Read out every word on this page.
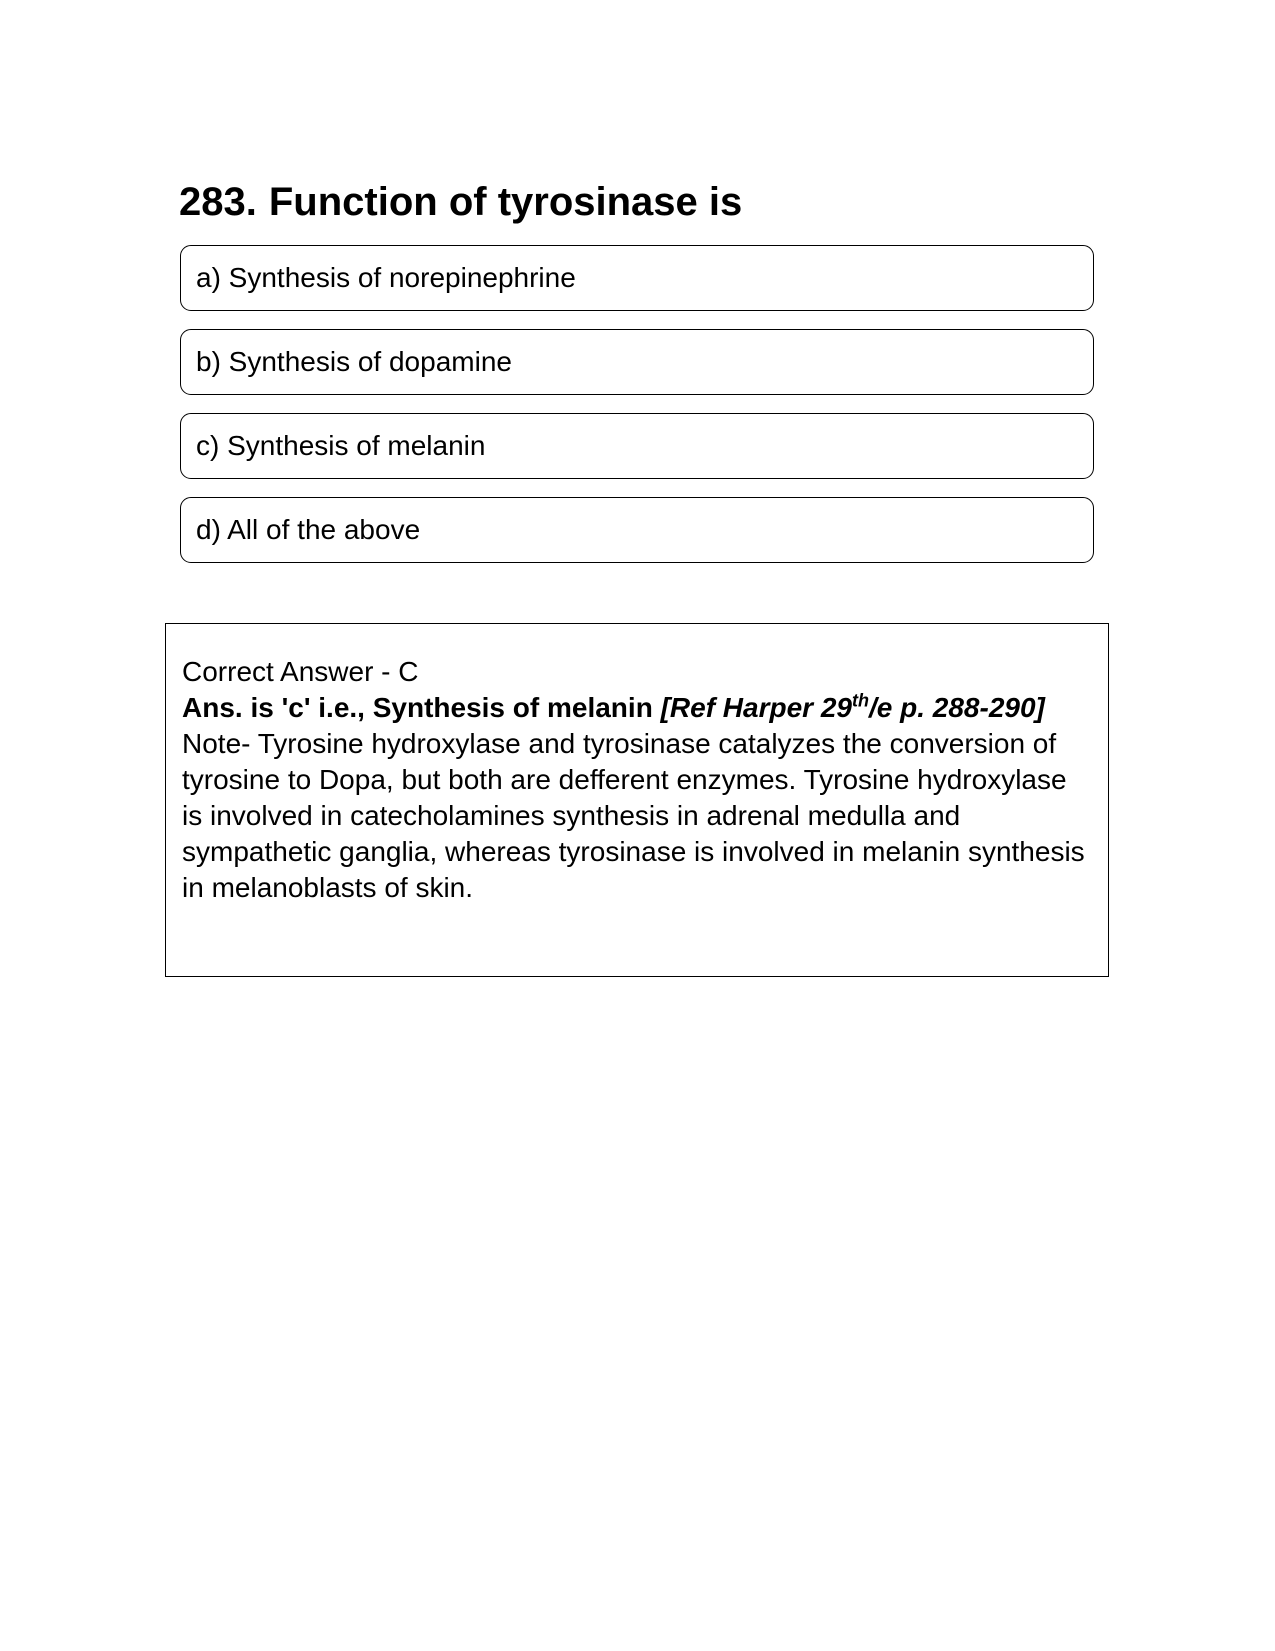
283. Function of tyrosinase is
a) Synthesis of norepinephrine
b) Synthesis of dopamine
c) Synthesis of melanin
d) All of the above

Correct Answer - C

Ans. is 'c' i.e., Synthesis of melanin [Ref Harper 29th/e p. 288-290]

Note- Tyrosine hydroxylase and tyrosinase catalyzes the conversion of tyrosine to Dopa, but both are defferent enzymes. Tyrosine hydroxylase is involved in catecholamines synthesis in adrenal medulla and sympathetic ganglia, whereas tyrosinase is involved in melanin synthesis in melanoblasts of skin.
